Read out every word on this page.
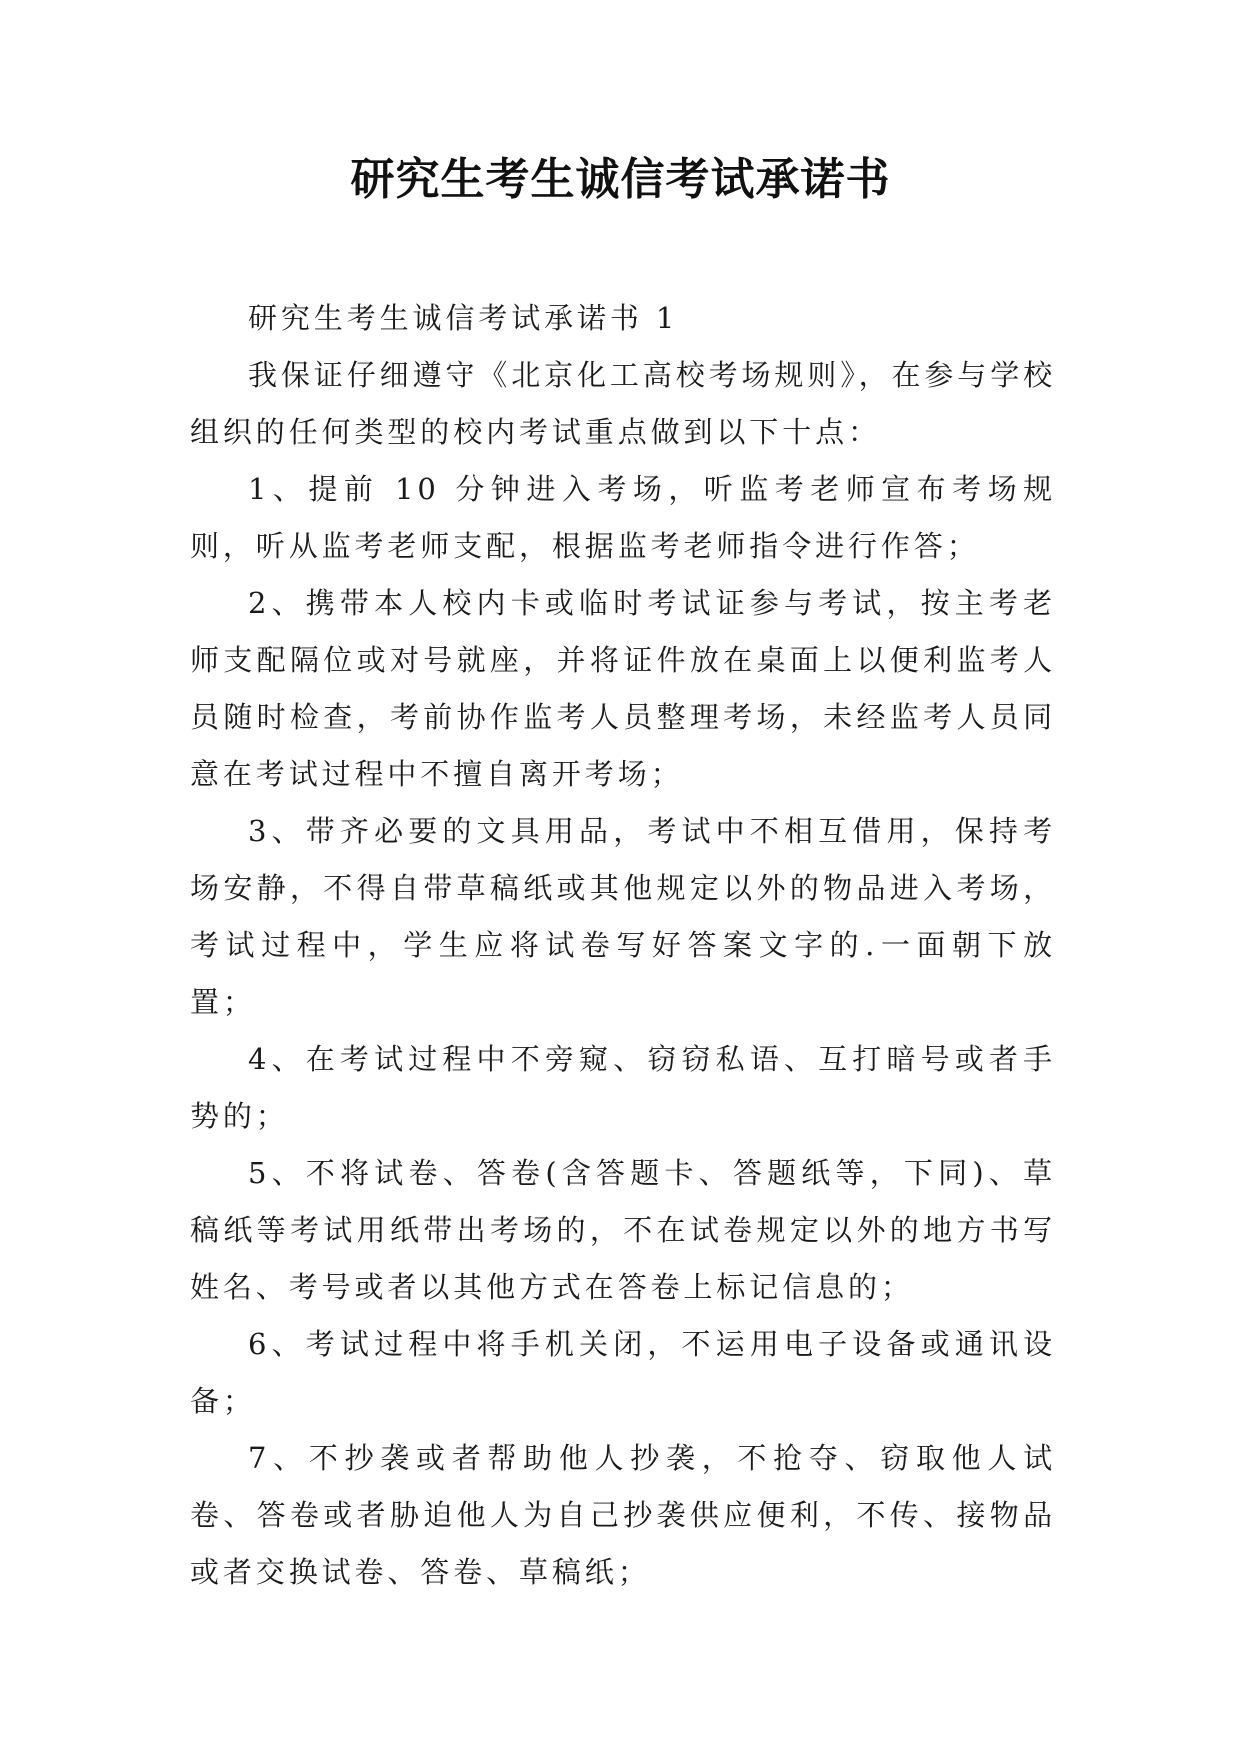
研究生考生诚信考试承诺书

研究生考生诚信考试承诺书 1

我保证仔细遵守《北京化工高校考场规则》，在参与学校组织的任何类型的校内考试重点做到以下十点：

1、提前 10 分钟进入考场，听监考老师宣布考场规则，听从监考老师支配，根据监考老师指令进行作答；

2、携带本人校内卡或临时考试证参与考试，按主考老师支配隔位或对号就座，并将证件放在桌面上以便利监考人员随时检查，考前协作监考人员整理考场，未经监考人员同意在考试过程中不擅自离开考场；

3、带齐必要的文具用品，考试中不相互借用，保持考场安静，不得自带草稿纸或其他规定以外的物品进入考场，考试过程中，学生应将试卷写好答案文字的.一面朝下放置；

4、在考试过程中不旁窥、窃窃私语、互打暗号或者手势的；

5、不将试卷、答卷(含答题卡、答题纸等，下同)、草稿纸等考试用纸带出考场的，不在试卷规定以外的地方书写姓名、考号或者以其他方式在答卷上标记信息的；

6、考试过程中将手机关闭，不运用电子设备或通讯设备；

7、不抄袭或者帮助他人抄袭，不抢夺、窃取他人试卷、答卷或者胁迫他人为自己抄袭供应便利，不传、接物品或者交换试卷、答卷、草稿纸；
